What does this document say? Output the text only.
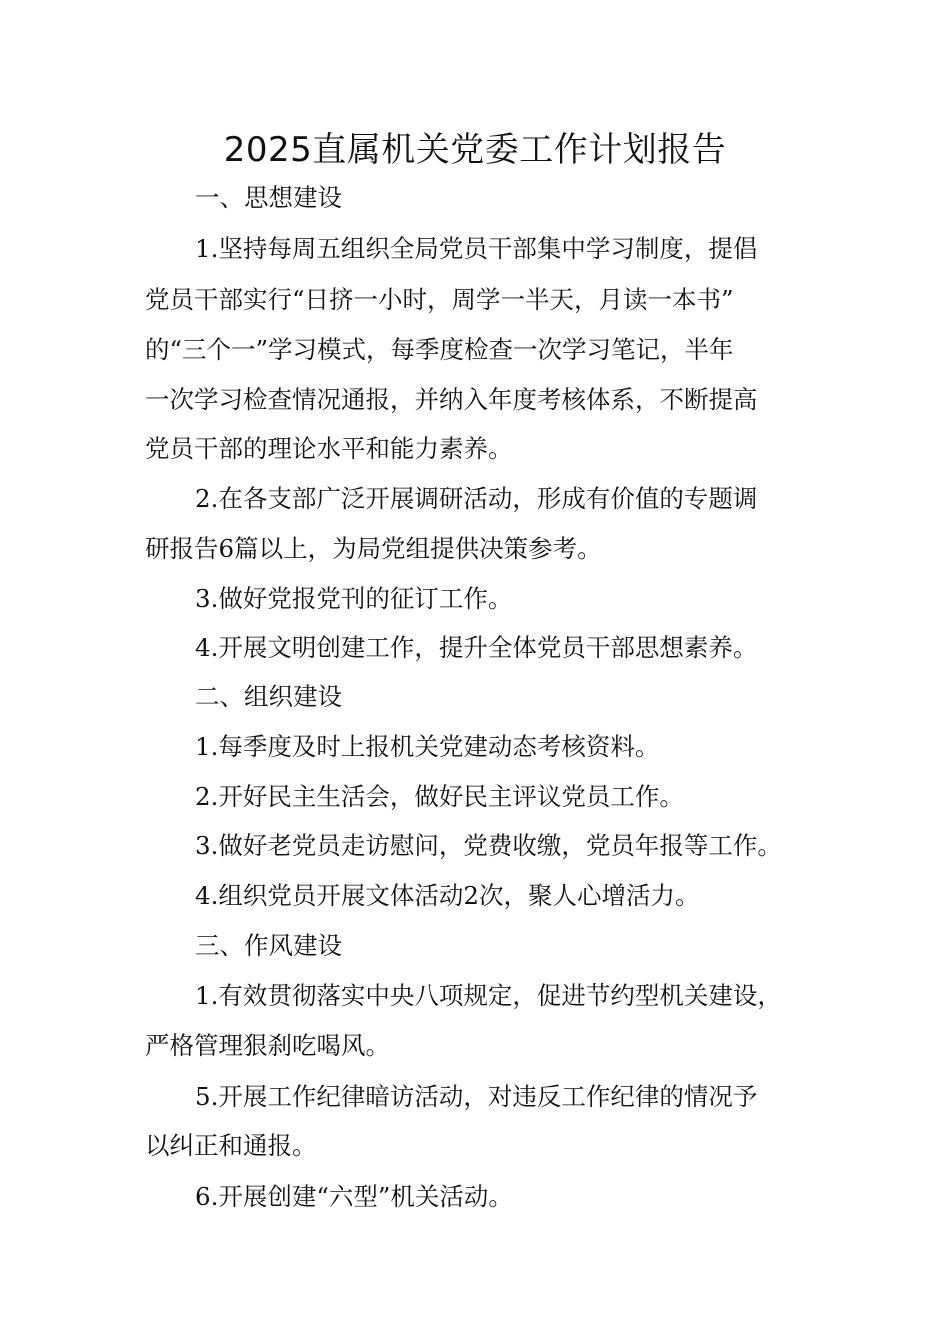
2025直属机关党委工作计划报告
一、思想建设
1.坚持每周五组织全局党员干部集中学习制度，提倡
党员干部实行“日挤一小时，周学一半天，月读一本书”
的“三个一”学习模式，每季度检查一次学习笔记，半年
一次学习检查情况通报，并纳入年度考核体系，不断提高
党员干部的理论水平和能力素养。
2.在各支部广泛开展调研活动，形成有价值的专题调
研报告6篇以上，为局党组提供决策参考。
3.做好党报党刊的征订工作。
4.开展文明创建工作，提升全体党员干部思想素养。
二、组织建设
1.每季度及时上报机关党建动态考核资料。
2.开好民主生活会，做好民主评议党员工作。
3.做好老党员走访慰问，党费收缴，党员年报等工作。
4.组织党员开展文体活动2次，聚人心增活力。
三、作风建设
1.有效贯彻落实中央八项规定，促进节约型机关建设，
严格管理狠刹吃喝风。
5.开展工作纪律暗访活动，对违反工作纪律的情况予
以纠正和通报。
6.开展创建“六型”机关活动。
